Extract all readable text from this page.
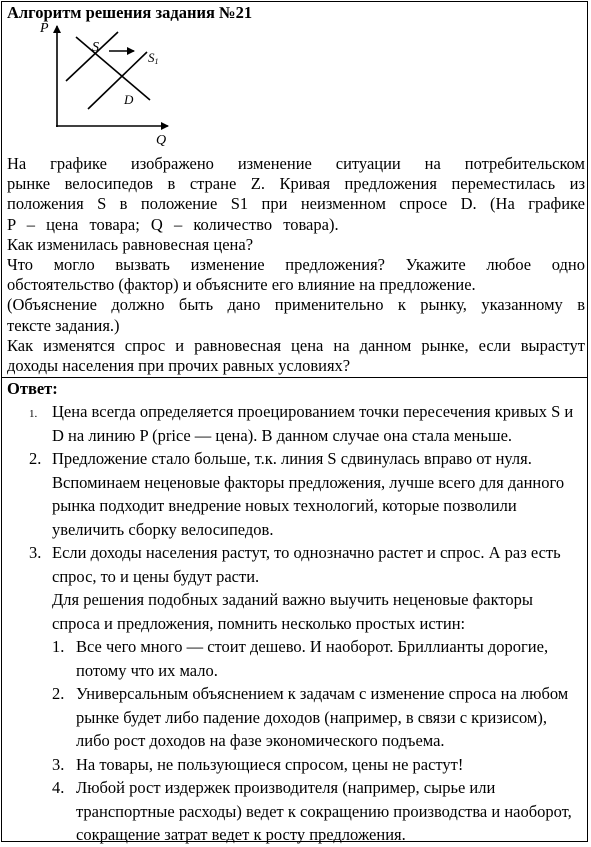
Алгоритм решения задания №21
P
Q
S
S1
D

На графике изображено изменение ситуации на потребительском

рынке велосипедов в стране Z. Кривая предложения переместилась из

положения S в положение S1 при неизменном спросе D. (На графике

P – цена товара; Q – количество товара).

Как изменилась равновесная цена?

Что могло вызвать изменение предложения? Укажите любое одно

обстоятельство (фактор) и объясните его влияние на предложение.

(Объяснение должно быть дано применительно к рынку, указанному в

тексте задания.)

Как изменятся спрос и равновесная цена на данном рынке, если вырастут

доходы населения при прочих равных условиях?

Ответ:
1. Цена всегда определяется проецированием точки пересечения кривых S и D на линию P (price — цена). В данном случае она стала меньше.
2. Предложение стало больше, т.к. линия S сдвинулась вправо от нуля. Вспоминаем неценовые факторы предложения, лучше всего для данного рынка подходит внедрение новых технологий, которые позволили увеличить сборку велосипедов.
3. Если доходы населения растут, то однозначно растет и спрос. А раз есть спрос, то и цены будут расти.

Для решения подобных заданий важно выучить неценовые факторы спроса и предложения, помнить несколько простых истин:

1. Все чего много — стоит дешево. И наоборот. Бриллианты дорогие, потому что их мало.
2. Универсальным объяснением к задачам с изменение спроса на любом рынке будет либо падение доходов (например, в связи с кризисом), либо рост доходов на фазе экономического подъема.
3. На товары, не пользующиеся спросом, цены не растут!
4. Любой рост издержек производителя (например, сырье или транспортные расходы) ведет к сокращению производства и наоборот, сокращение затрат ведет к росту предложения.
